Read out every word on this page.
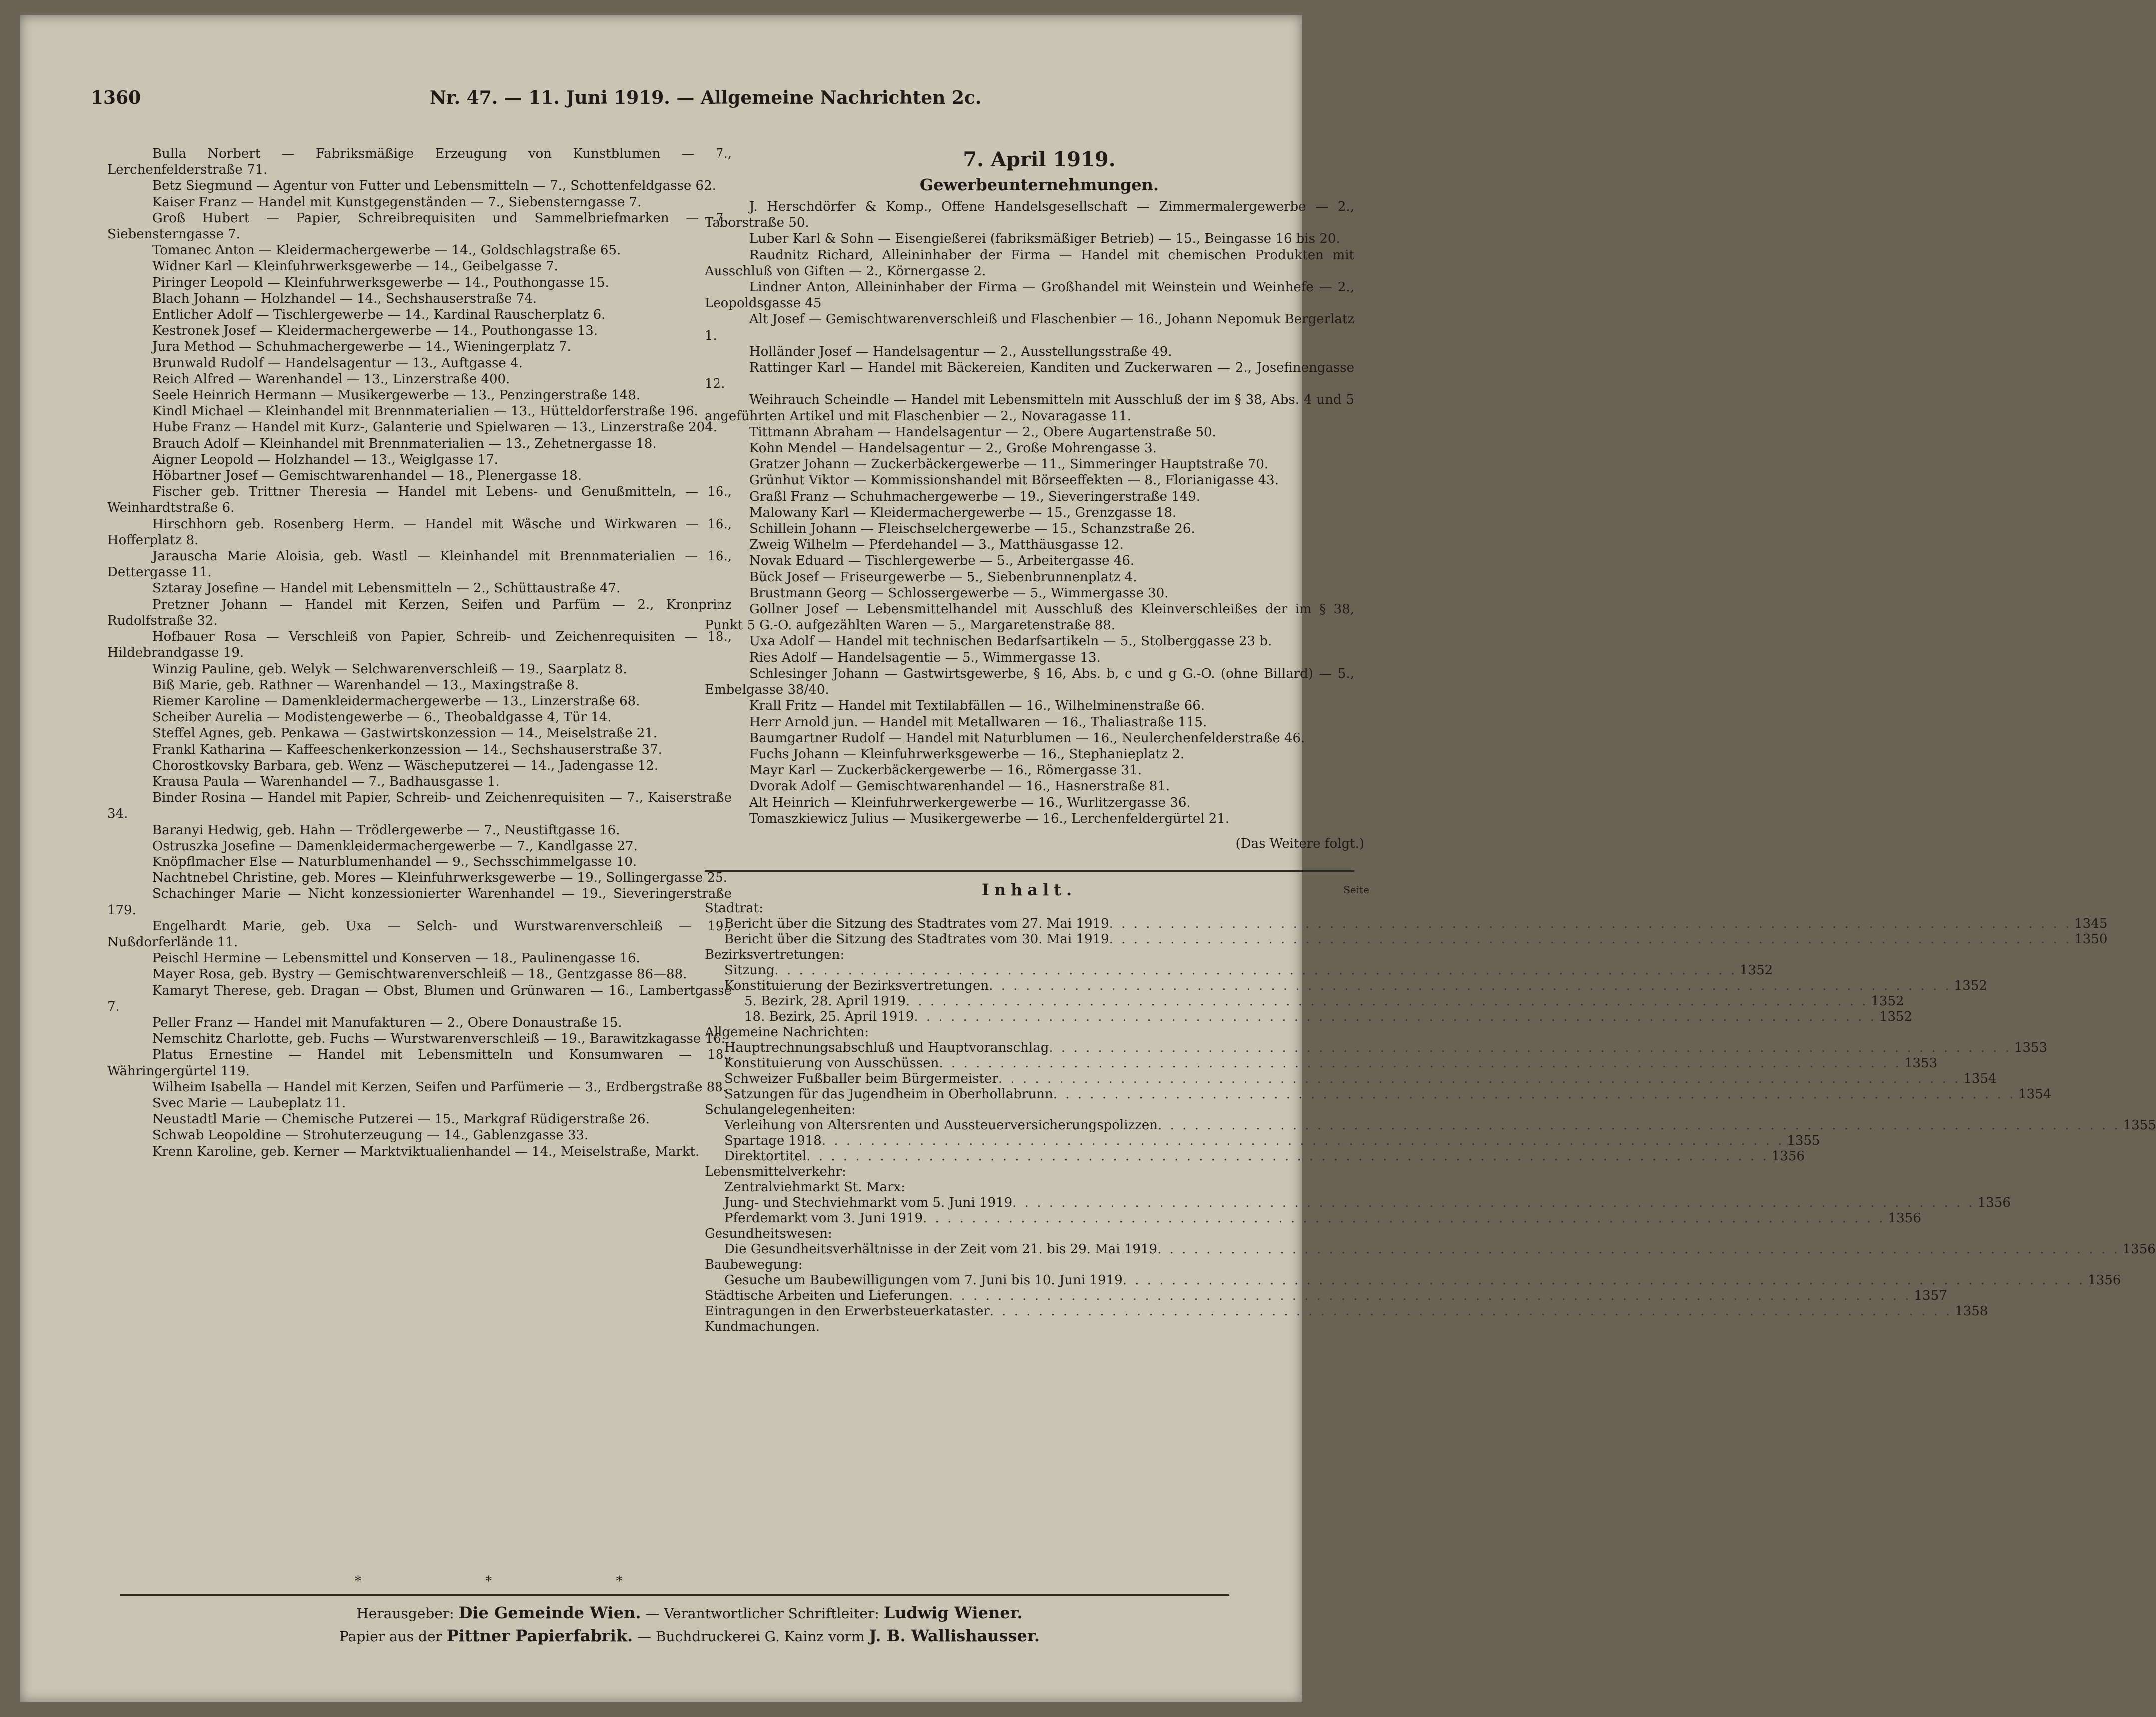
1360	Nr. 47. — 11. Juni 1919. — Allgemeine Nachrichten 2c.
Bulla Norbert — Fabriksmäßige Erzeugung von Kunstblumen — 7., Lerchenfelderstraße 71.
Betz Siegmund — Agentur von Futter und Lebensmitteln — 7., Schottenfeldgasse 62.
Kaiser Franz — Handel mit Kunstgegenständen — 7., Siebensterngasse 7.
Groß Hubert — Papier, Schreibrequisiten und Sammelbriefmarken — 7., Siebensterngasse 7.
Tomanec Anton — Kleidermachergewerbe — 14., Goldschlagstraße 65.
Widner Karl — Kleinfuhrwerksgewerbe — 14., Geibelgasse 7.
Piringer Leopold — Kleinfuhrwerksgewerbe — 14., Pouthongasse 15.
Blach Johann — Holzhandel — 14., Sechshauserstraße 74.
Entlicher Adolf — Tischlergewerbe — 14., Kardinal Rauscherplatz 6.
Kestronek Josef — Kleidermachergewerbe — 14., Pouthongasse 13.
Jura Method — Schuhmachergewerbe — 14., Wieningerplatz 7.
Brunwald Rudolf — Handelsagentur — 13., Auftgasse 4.
Reich Alfred — Warenhandel — 13., Linzerstraße 400.
Seele Heinrich Hermann — Musikergewerbe — 13., Penzingerstraße 148.
Kindl Michael — Kleinhandel mit Brennmaterialien — 13., Hütteldorferstraße 196.
Hube Franz — Handel mit Kurz-, Galanterie und Spielwaren — 13., Linzerstraße 204.
Brauch Adolf — Kleinhandel mit Brennmaterialien — 13., Zehetnergasse 18.
Aigner Leopold — Holzhandel — 13., Weiglgasse 17.
Höbartner Josef — Gemischtwarenhandel — 18., Plenergasse 18.
Fischer geb. Trittner Theresia — Handel mit Lebens- und Genußmitteln, — 16., Weinhardtstraße 6.
Hirschhorn geb. Rosenberg Herm. — Handel mit Wäsche und Wirkwaren — 16., Hofferplatz 8.
Jarauscha Marie Aloisia, geb. Wastl — Kleinhandel mit Brennmaterialien — 16., Dettergasse 11.
Sztaray Josefine — Handel mit Lebensmitteln — 2., Schüttaustraße 47.
Pretzner Johann — Handel mit Kerzen, Seifen und Parfüm — 2., Kronprinz Rudolfstraße 32.
Hofbauer Rosa — Verschleiß von Papier, Schreib- und Zeichenrequisiten — 18., Hildebrandgasse 19.
Winzig Pauline, geb. Welyk — Selchwarenverschleiß — 19., Saarplatz 8.
Biß Marie, geb. Rathner — Warenhandel — 13., Maxingstraße 8.
Riemer Karoline — Damenkleidermachergewerbe — 13., Linzerstraße 68.
Scheiber Aurelia — Modistengewerbe — 6., Theobaldgasse 4, Tür 14.
Steffel Agnes, geb. Penkawa — Gastwirtskonzession — 14., Meiselstraße 21.
Frankl Katharina — Kaffeeschenkerkonzession — 14., Sechshauserstraße 37.
Chorostkovsky Barbara, geb. Wenz — Wäscheputzerei — 14., Jadengasse 12.
Krausa Paula — Warenhandel — 7., Badhausgasse 1.
Binder Rosina — Handel mit Papier, Schreib- und Zeichenrequisiten — 7., Kaiserstraße 34.
Baranyi Hedwig, geb. Hahn — Trödlergewerbe — 7., Neustiftgasse 16.
Ostruszka Josefine — Damenkleidermachergewerbe — 7., Kandlgasse 27.
Knöpflmacher Else — Naturblumenhandel — 9., Sechsschimmelgasse 10.
Nachtnebel Christine, geb. Mores — Kleinfuhrwerksgewerbe — 19., Sollingergasse 25.
Schachinger Marie — Nicht konzessionierter Warenhandel — 19., Sieveringerstraße 179.
Engelhardt Marie, geb. Uxa — Selch- und Wurstwarenverschleiß — 19., Nußdorferlände 11.
Peischl Hermine — Lebensmittel und Konserven — 18., Paulinengasse 16.
Mayer Rosa, geb. Bystry — Gemischtwarenverschleiß — 18., Gentzgasse 86—88.
Kamaryt Therese, geb. Dragan — Obst, Blumen und Grünwaren — 16., Lambertgasse 7.
Peller Franz — Handel mit Manufakturen — 2., Obere Donaustraße 15.
Nemschitz Charlotte, geb. Fuchs — Wurstwarenverschleiß — 19., Barawitzkagasse 16.
Platus Ernestine — Handel mit Lebensmitteln und Konsumwaren — 18., Währingergürtel 119.
Wilheim Isabella — Handel mit Kerzen, Seifen und Parfümerie — 3., Erdbergstraße 88.
Svec Marie — Laubeplatz 11.
Neustadtl Marie — Chemische Putzerei — 15., Markgraf Rüdigerstraße 26.
Schwab Leopoldine — Strohuterzeugung — 14., Gablenzgasse 33.
Krenn Karoline, geb. Kerner — Marktviktualienhandel — 14., Meiselstraße, Markt.
* * *
7. April 1919.
Gewerbeunternehmungen.
J. Herschdörfer & Komp., Offene Handelsgesellschaft — Zimmermalergewerbe — 2., Taborstraße 50.
Luber Karl & Sohn — Eisengießerei (fabriksmäßiger Betrieb) — 15., Beingasse 16 bis 20.
Raudnitz Richard, Alleininhaber der Firma — Handel mit chemischen Produkten mit Ausschluß von Giften — 2., Körnergasse 2.
Lindner Anton, Alleininhaber der Firma — Großhandel mit Weinstein und Weinhefe — 2., Leopoldsgasse 45
Alt Josef — Gemischtwarenverschleiß und Flaschenbier — 16., Johann Nepomuk Bergerlatz 1.
Holländer Josef — Handelsagentur — 2., Ausstellungsstraße 49.
Rattinger Karl — Handel mit Bäckereien, Kanditen und Zuckerwaren — 2., Josefinengasse 12.
Weihrauch Scheindle — Handel mit Lebensmitteln mit Ausschluß der im § 38, Abs. 4 und 5 angeführten Artikel und mit Flaschenbier — 2., Novaragasse 11.
Tittmann Abraham — Handelsagentur — 2., Obere Augartenstraße 50.
Kohn Mendel — Handelsagentur — 2., Große Mohrengasse 3.
Gratzer Johann — Zuckerbäckergewerbe — 11., Simmeringer Hauptstraße 70.
Grünhut Viktor — Kommissionshandel mit Börseeffekten — 8., Florianigasse 43.
Graßl Franz — Schuhmachergewerbe — 19., Sieveringerstraße 149.
Malowany Karl — Kleidermachergewerbe — 15., Grenzgasse 18.
Schillein Johann — Fleischselchergewerbe — 15., Schanzstraße 26.
Zweig Wilhelm — Pferdehandel — 3., Matthäusgasse 12.
Novak Eduard — Tischlergewerbe — 5., Arbeitergasse 46.
Bück Josef — Friseurgewerbe — 5., Siebenbrunnenplatz 4.
Brustmann Georg — Schlossergewerbe — 5., Wimmergasse 30.
Gollner Josef — Lebensmittelhandel mit Ausschluß des Kleinverschleißes der im § 38, Punkt 5 G.-O. aufgezählten Waren — 5., Margaretenstraße 88.
Uxa Adolf — Handel mit technischen Bedarfsartikeln — 5., Stolberggasse 23 b.
Ries Adolf — Handelsagentie — 5., Wimmergasse 13.
Schlesinger Johann — Gastwirtsgewerbe, § 16, Abs. b, c und g G.-O. (ohne Billard) — 5., Embelgasse 38/40.
Krall Fritz — Handel mit Textilabfällen — 16., Wilhelminenstraße 66.
Herr Arnold jun. — Handel mit Metallwaren — 16., Thaliastraße 115.
Baumgartner Rudolf — Handel mit Naturblumen — 16., Neulerchenfelderstraße 46.
Fuchs Johann — Kleinfuhrwerksgewerbe — 16., Stephanieplatz 2.
Mayr Karl — Zuckerbäckergewerbe — 16., Römergasse 31.
Dvorak Adolf — Gemischtwarenhandel — 16., Hasnerstraße 81.
Alt Heinrich — Kleinfuhrwerkergewerbe — 16., Wurlitzergasse 36.
Tomaszkiewicz Julius — Musikergewerbe — 16., Lerchenfeldergürtel 21.
(Das Weitere folgt.)
Inhalt.	Seite
Stadtrat:
Bericht über die Sitzung des Stadtrates vom 27. Mai 1919 . . .	1345
Bericht über die Sitzung des Stadtrates vom 30. Mai 1919 . . .	1350
Bezirksvertretungen:
Sitzung . . .	1352
Konstituierung der Bezirksvertretungen . . .	1352
5. Bezirk, 28. April 1919 . . .	1352
18. Bezirk, 25. April 1919 . . .	1352
Allgemeine Nachrichten:
Hauptrechnungsabschluß und Hauptvoranschlag . . .	1353
Konstituierung von Ausschüssen . . .	1353
Schweizer Fußballer beim Bürgermeister . . .	1354
Satzungen für das Jugendheim in Oberhollabrunn . . .	1354
Schulangelegenheiten:
Verleihung von Altersrenten und Aussteuerversicherungspolizzen . . .	1355
Spartage 1918 . . .	1355
Direktortitel . . .	1356
Lebensmittelverkehr:
Zentralviehmarkt St. Marx:
Jung- und Stechviehmarkt vom 5. Juni 1919 . . .	1356
Pferdemarkt vom 3. Juni 1919 . . .	1356
Gesundheitswesen:
Die Gesundheitsverhältnisse in der Zeit vom 21. bis 29. Mai 1919 . . .	1356
Baubewegung:
Gesuche um Baubewilligungen vom 7. Juni bis 10. Juni 1919 . . .	1356
Städtische Arbeiten und Lieferungen . . .	1357
Eintragungen in den Erwerbsteuerkataster . . .	1358
Kundmachungen.
Herausgeber: Die Gemeinde Wien. — Verantwortlicher Schriftleiter: Ludwig Wiener.
Papier aus der Pittner Papierfabrik. — Buchdruckerei G. Kainz vorm J. B. Wallishausser.
